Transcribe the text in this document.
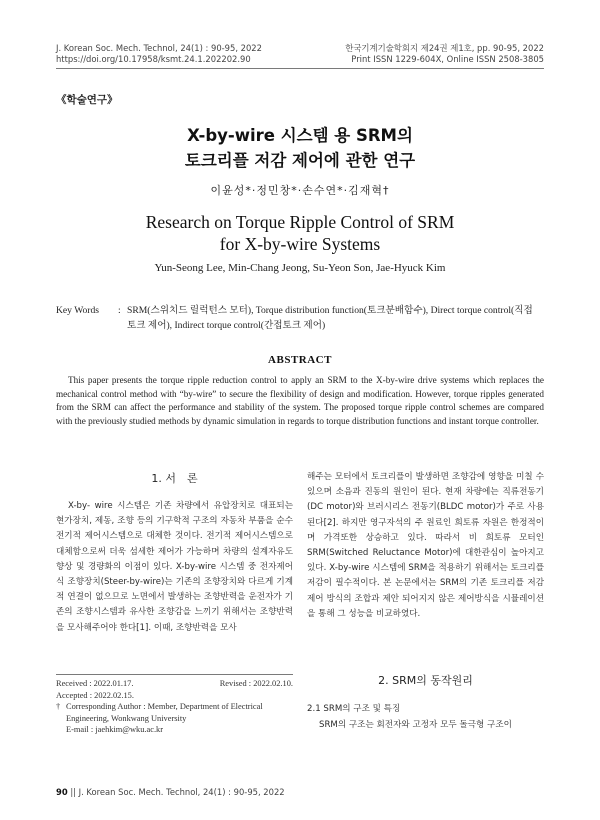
J. Korean Soc. Mech. Technol, 24(1) : 90-95, 2022
https://doi.org/10.17958/ksmt.24.1.202202.90
한국기계기술학회지 제24권 제1호, pp. 90-95, 2022
Print ISSN 1229-604X, Online ISSN 2508-3805
《학술연구》
X-by-wire 시스템 용 SRM의
토크리플 저감 제어에 관한 연구
이윤성*·정민창*·손수연*·김재혁†
Research on Torque Ripple Control of SRM
for X-by-wire Systems
Yun-Seong Lee, Min-Chang Jeong, Su-Yeon Son, Jae-Hyuck Kim
Key Words	: SRM(스위치드 릴럭턴스 모터), Torque distribution function(토크분배함수), Direct torque control(직접 토크 제어), Indirect torque control(간접토크 제어)
ABSTRACT
This paper presents the torque ripple reduction control to apply an SRM to the X-by-wire drive systems which replaces the mechanical control method with “by-wire” to secure the flexibility of design and modification. However, torque ripples generated from the SRM can affect the performance and stability of the system. The proposed torque ripple control schemes are compared with the previously studied methods by dynamic simulation in regards to torque distribution functions and instant torque controller.
1. 서　론

X-by- wire 시스템은 기존 차량에서 유압장치로 대표되는 현가장치, 제동, 조향 등의 기구학적 구조의 자동차 부품을 순수 전기적 제어시스템으로 대체한 것이다. 전기적 제어시스템으로 대체함으로써 더욱 섬세한 제어가 가능하며 차량의 설계자유도 향상 및 경량화의 이점이 있다. X-by-wire 시스템 중 전자제어식 조향장치(Steer-by-wire)는 기존의 조향장치와 다르게 기계적 연결이 없으므로 노면에서 발생하는 조향반력을 운전자가 기존의 조향시스템과 유사한 조향감을 느끼기 위해서는 조향반력을 모사해주어야 한다[1]. 이때, 조향반력을 모사

Received : 2022.01.17.	Revised : 2022.02.10.
Accepted : 2022.02.15.
† Corresponding Author : Member, Department of Electrical Engineering, Wonkwang University
E-mail : jaehkim@wku.ac.kr
해주는 모터에서 토크리플이 발생하면 조향감에 영향을 미칠 수 있으며 소음과 진동의 원인이 된다. 현재 차량에는 직류전동기(DC motor)와 브러시리스 전동기(BLDC motor)가 주로 사용된다[2]. 하지만 영구자석의 주 원료인 희토류 자원은 한정적이며 가격또한 상승하고 있다. 따라서 비 희토류 모터인 SRM(Switched Reluctance Motor)에 대한관심이 높아지고 있다. X-by-wire 시스템에 SRM을 적용하기 위해서는 토크리플 저감이 필수적이다. 본 논문에서는 SRM의 기존 토크리플 저감제어 방식의 조합과 제안 되어지지 않은 제어방식을 시뮬레이션을 통해 그 성능을 비교하였다.
2. SRM의 동작원리
2.1 SRM의 구조 및 특징

SRM의 구조는 회전자와 고정자 모두 돌극형 구조이

90 || J. Korean Soc. Mech. Technol, 24(1) : 90-95, 2022
